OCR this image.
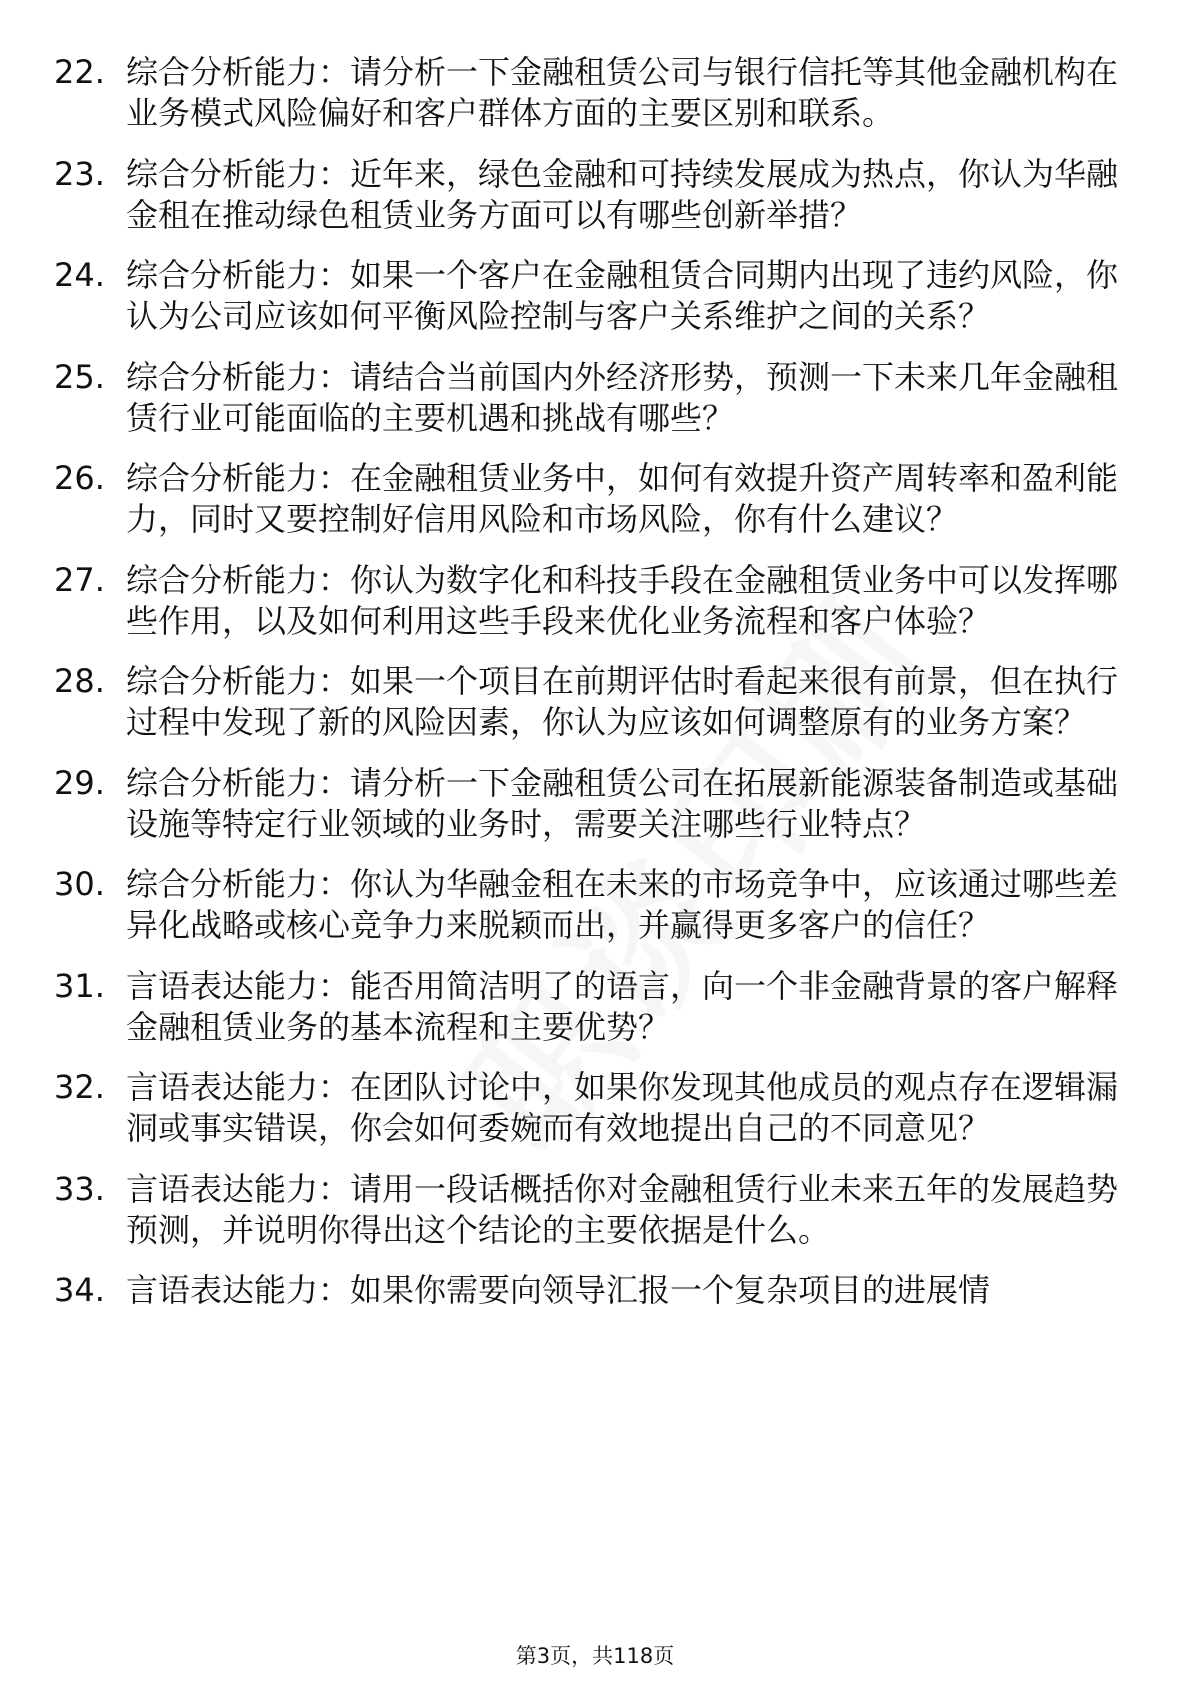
22. 综合分析能力：请分析一下金融租赁公司与银行信托等其他金融机构在业务模式风险偏好和客户群体方面的主要区别和联系。
23. 综合分析能力：近年来，绿色金融和可持续发展成为热点，你认为华融金租在推动绿色租赁业务方面可以有哪些创新举措？
24. 综合分析能力：如果一个客户在金融租赁合同期内出现了违约风险，你认为公司应该如何平衡风险控制与客户关系维护之间的关系？
25. 综合分析能力：请结合当前国内外经济形势，预测一下未来几年金融租赁行业可能面临的主要机遇和挑战有哪些？
26. 综合分析能力：在金融租赁业务中，如何有效提升资产周转率和盈利能力，同时又要控制好信用风险和市场风险，你有什么建议？
27. 综合分析能力：你认为数字化和科技手段在金融租赁业务中可以发挥哪些作用，以及如何利用这些手段来优化业务流程和客户体验？
28. 综合分析能力：如果一个项目在前期评估时看起来很有前景，但在执行过程中发现了新的风险因素，你认为应该如何调整原有的业务方案？
29. 综合分析能力：请分析一下金融租赁公司在拓展新能源装备制造或基础设施等特定行业领域的业务时，需要关注哪些行业特点？
30. 综合分析能力：你认为华融金租在未来的市场竞争中，应该通过哪些差异化战略或核心竞争力来脱颖而出，并赢得更多客户的信任？
31. 言语表达能力：能否用简洁明了的语言，向一个非金融背景的客户解释金融租赁业务的基本流程和主要优势？
32. 言语表达能力：在团队讨论中，如果你发现其他成员的观点存在逻辑漏洞或事实错误，你会如何委婉而有效地提出自己的不同意见？
33. 言语表达能力：请用一段话概括你对金融租赁行业未来五年的发展趋势预测，并说明你得出这个结论的主要依据是什么。
34. 言语表达能力：如果你需要向领导汇报一个复杂项目的进展情
第3页，共118页
